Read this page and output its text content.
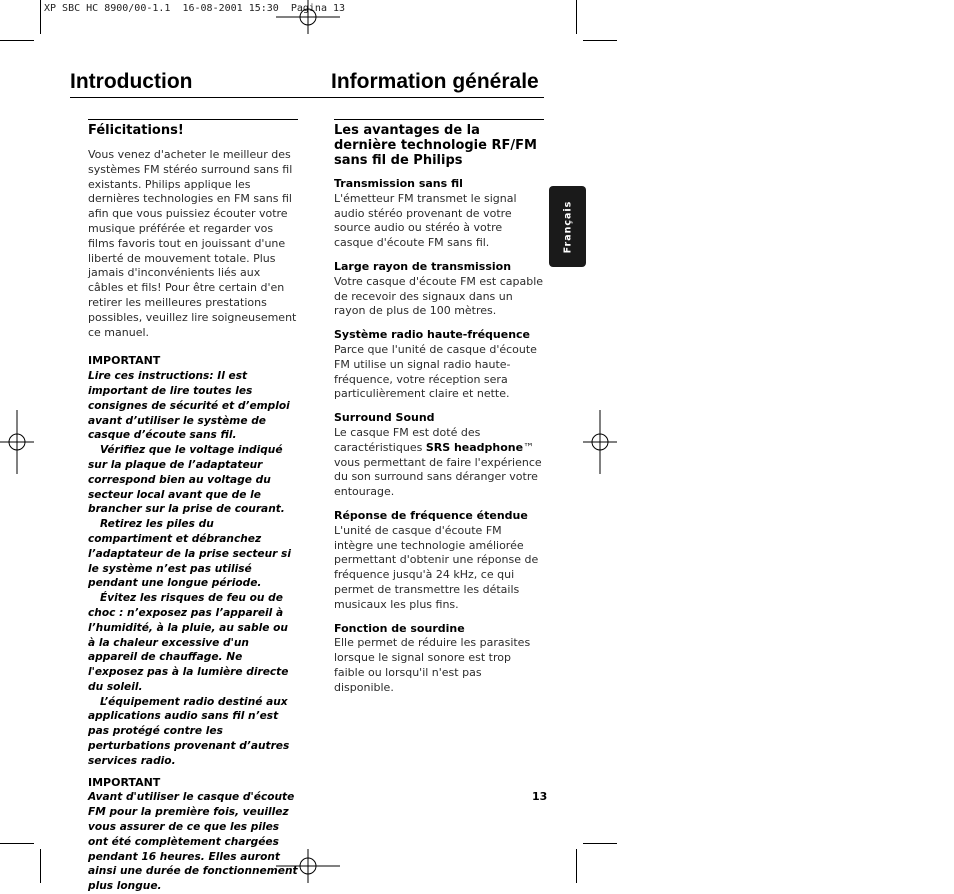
XP SBC HC 8900/00-1.1  16-08-2001 15:30  Pagina 13
Introduction	Information générale
Félicitations!

Vous venez d'acheter le meilleur des systèmes FM stéréo surround sans fil existants. Philips applique les dernières technologies en FM sans fil afin que vous puissiez écouter votre musique préférée et regarder vos films favoris tout en jouissant d'une liberté de mouvement totale. Plus jamais d'inconvénients liés aux câbles et fils! Pour être certain d'en retirer les meilleures prestations possibles, veuillez lire soigneusement ce manuel.

IMPORTANT

Lire ces instructions: Il est important de lire toutes les consignes de sécurité et d’emploi avant d’utiliser le système de casque d’écoute sans fil.

Vérifiez que le voltage indiqué sur la plaque de l’adaptateur correspond bien au voltage du secteur local avant que de le brancher sur la prise de courant.

Retirez les piles du compartiment et débranchez l’adaptateur de la prise secteur si le système n’est pas utilisé pendant une longue période.

Évitez les risques de feu ou de choc : n’exposez pas l’appareil à l’humidité, à la pluie, au sable ou à la chaleur excessive d'un appareil de chauffage. Ne l'exposez pas à la lumière directe du soleil.

L’équipement radio destiné aux applications audio sans fil n’est pas protégé contre les perturbations provenant d’autres services radio.

IMPORTANT

Avant d'utiliser le casque d'écoute FM pour la première fois, veuillez vous assurer de ce que les piles ont été complètement chargées pendant 16 heures. Elles auront ainsi une durée de fonctionnement plus longue.

Les avantages de la dernière technologie RF/FM sans fil de Philips
Transmission sans fil

L'émetteur FM transmet le signal audio stéréo provenant de votre source audio ou stéréo à votre casque d'écoute FM sans fil.

Large rayon de transmission

Votre casque d'écoute FM est capable de recevoir des signaux dans un rayon de plus de 100 mètres.

Système radio haute-fréquence

Parce que l'unité de casque d'écoute FM utilise un signal radio haute-fréquence, votre réception sera particulièrement claire et nette.

Surround Sound

Le casque FM est doté des caractéristiques SRS headphone™ vous permettant de faire l'expérience du son surround sans déranger votre entourage.

Réponse de fréquence étendue

L'unité de casque d'écoute FM intègre une technologie améliorée permettant d'obtenir une réponse de fréquence jusqu'à 24 kHz, ce qui permet de transmettre les détails musicaux les plus fins.

Fonction de sourdine

Elle permet de réduire les parasites lorsque le signal sonore est trop faible ou lorsqu'il n'est pas disponible.

Français
13
